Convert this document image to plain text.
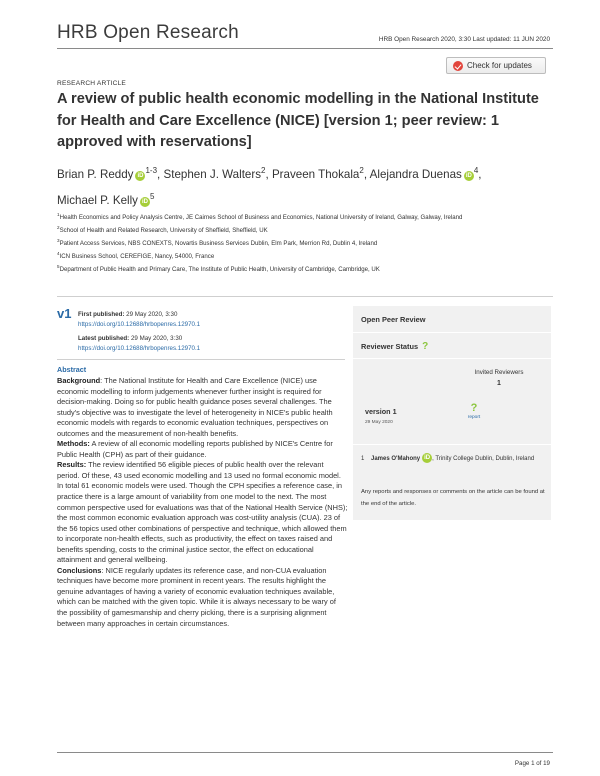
HRB Open Research	HRB Open Research 2020, 3:30 Last updated: 11 JUN 2020
Check for updates
RESEARCH ARTICLE
A review of public health economic modelling in the National Institute for Health and Care Excellence (NICE) [version 1; peer review: 1 approved with reservations]
Brian P. Reddy $iD^{1-3}$, Stephen J. Walters$^2$, Praveen Thokala$^2$, Alejandra Duenas $iD^4$,
Michael P. Kelly $iD^5$
$^1$Health Economics and Policy Analysis Centre, JE Cairnes School of Business and Economics, National University of Ireland, Galway, Galway, Ireland
$^2$School of Health and Related Research, University of Sheffield, Sheffield, UK
$^3$Patient Access Services, NBS CONEXTS, Novartis Business Services Dublin, Elm Park, Merrion Rd, Dublin 4, Ireland
$^4$ICN Business School, CEREFIGE, Nancy, 54000, France
$^5$Department of Public Health and Primary Care, The Institute of Public Health, University of Cambridge, Cambridge, UK
v1 First published: 29 May 2020, 3:30
https://doi.org/10.12688/hrbopenres.12970.1
Latest published: 29 May 2020, 3:30
https://doi.org/10.12688/hrbopenres.12970.1
Abstract

Background: The National Institute for Health and Care Excellence (NICE) use economic modelling to inform judgements whenever further insight is required for decision-making. Doing so for public health guidance poses several challenges. The study's objective was to investigate the level of heterogeneity in NICE's public health economic models with regards to economic evaluation techniques, perspectives on outcomes and the measurement of non-health benefits.

Methods: A review of all economic modelling reports published by NICE's Centre for Public Health (CPH) as part of their guidance.

Results: The review identified 56 eligible pieces of public health over the relevant period. Of these, 43 used economic modelling and 13 used no formal economic model. In total 61 economic models were used. Though the CPH specifies a reference case, in practice there is a large amount of variability from one model to the next. The most common perspective used for evaluations was that of the National Health Service (NHS); the most common economic evaluation approach was cost-utility analysis (CUA). 23 of the 56 topics used other combinations of perspective and technique, which allowed them to incorporate non-health effects, such as productivity, the effect on taxes raised and benefits spending, costs to the criminal justice sector, the effect on educational attainment and general wellbeing.

Conclusions: NICE regularly updates its reference case, and non-CUA evaluation techniques have become more prominent in recent years. The results highlight the genuine advantages of having a variety of economic evaluation techniques available, which can be matched with the given topic. While it is always necessary to be wary of the possibility of gamesmanship and cherry picking, there is a surprising alignment between many approaches in certain circumstances.

Open Peer Review
Reviewer Status ?
Invited Reviewers
1
version 1
29 May 2020
?
report
1 James O'Mahony iD , Trinity College Dublin, Dublin, Ireland
Any reports and responses or comments on the article can be found at the end of the article.
Page 1 of 19
